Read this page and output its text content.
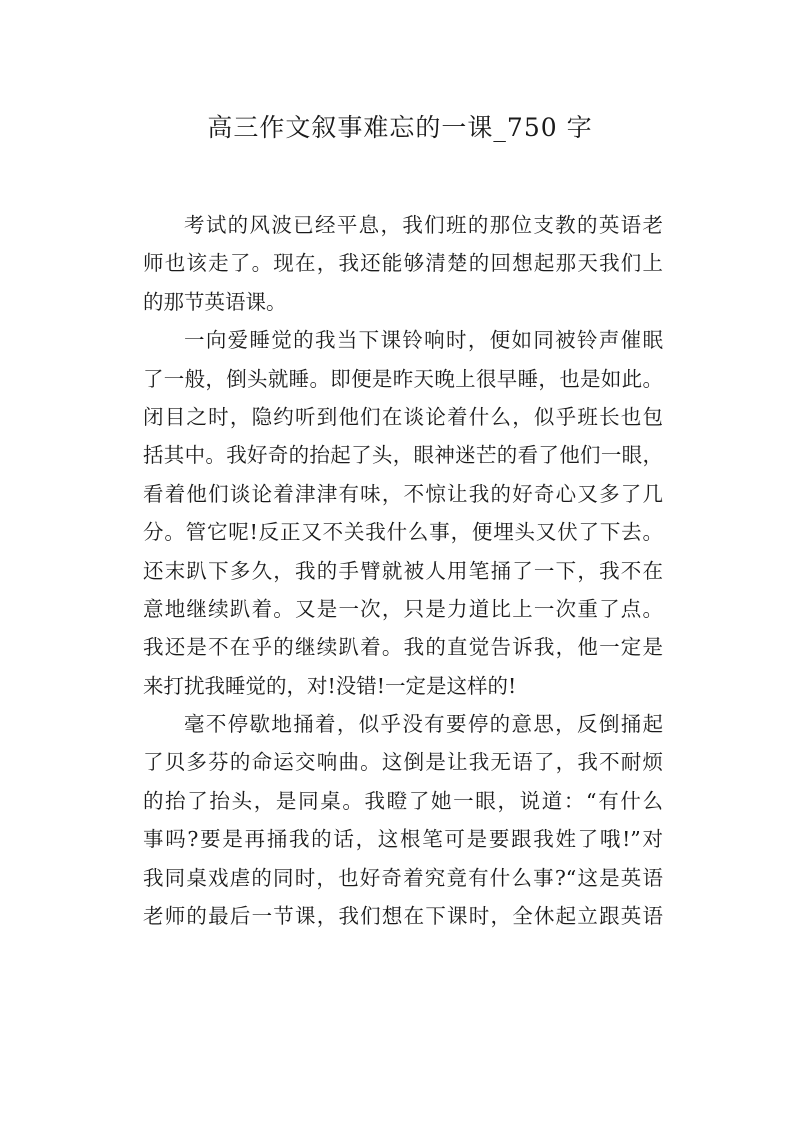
高三作文叙事难忘的一课_750 字
考试的风波已经平息，我们班的那位支教的英语老
师也该走了。现在，我还能够清楚的回想起那天我们上
的那节英语课。
一向爱睡觉的我当下课铃响时，便如同被铃声催眠
了一般，倒头就睡。即便是昨天晚上很早睡，也是如此。
闭目之时，隐约听到他们在谈论着什么，似乎班长也包
括其中。我好奇的抬起了头，眼神迷芒的看了他们一眼，
看着他们谈论着津津有味，不惊让我的好奇心又多了几
分。管它呢!反正又不关我什么事，便埋头又伏了下去。
还末趴下多久，我的手臂就被人用笔捅了一下，我不在
意地继续趴着。又是一次，只是力道比上一次重了点。
我还是不在乎的继续趴着。我的直觉告诉我，他一定是
来打扰我睡觉的，对!没错!一定是这样的!
毫不停歇地捅着，似乎没有要停的意思，反倒捅起
了贝多芬的命运交响曲。这倒是让我无语了，我不耐烦
的抬了抬头，是同桌。我瞪了她一眼，说道：“有什么
事吗?要是再捅我的话，这根笔可是要跟我姓了哦!”对
我同桌戏虐的同时，也好奇着究竟有什么事?“这是英语
老师的最后一节课，我们想在下课时，全休起立跟英语
